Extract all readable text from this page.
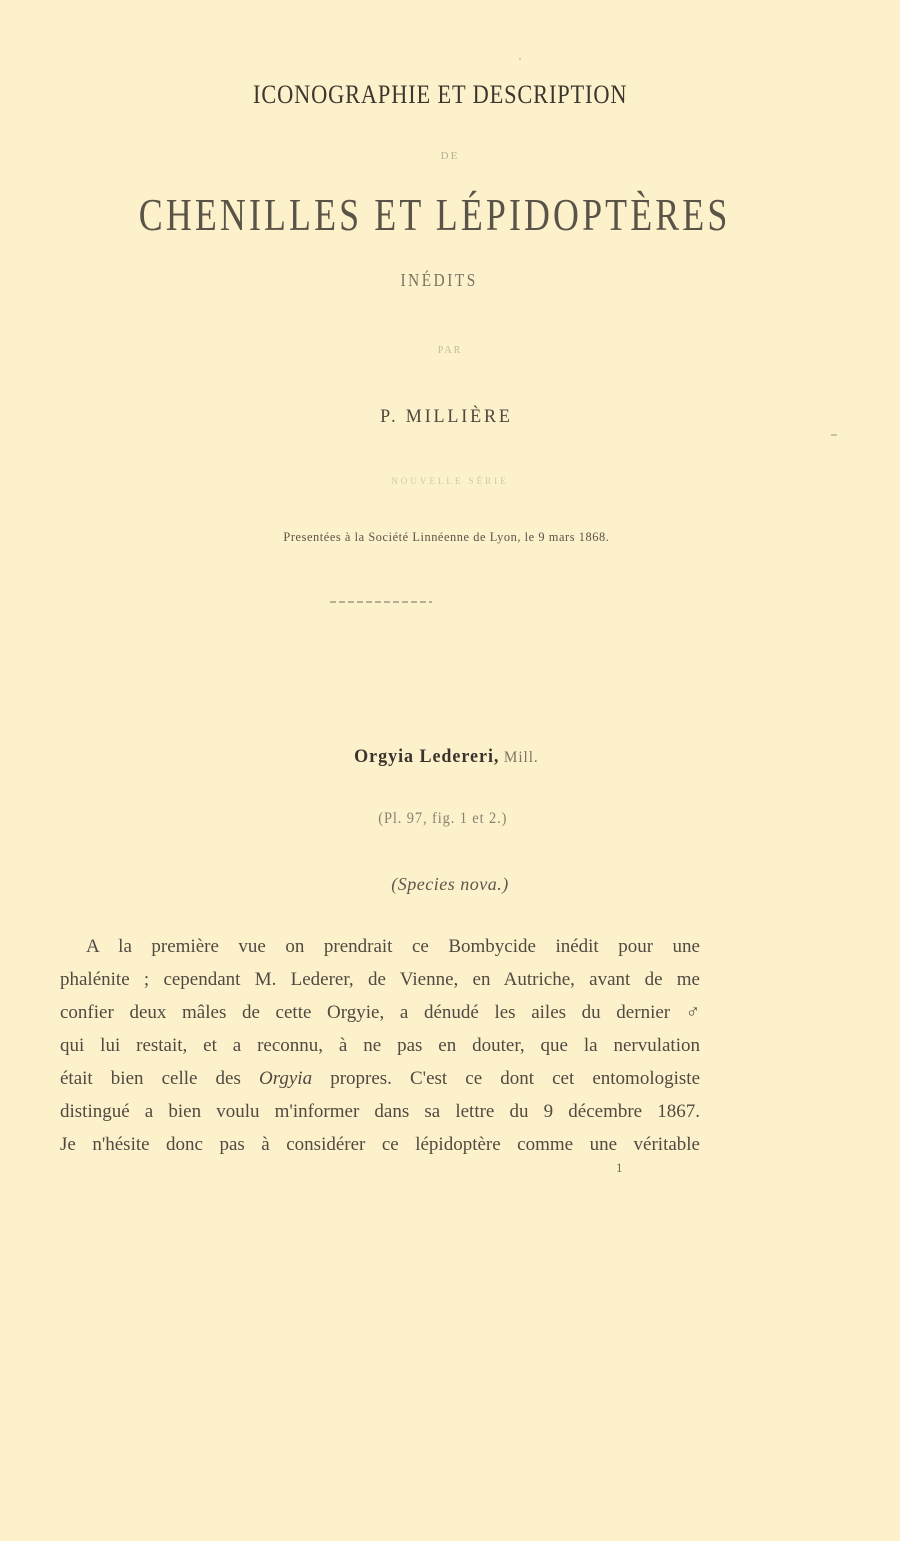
ICONOGRAPHIE ET DESCRIPTION
DE
CHENILLES ET LÉPIDOPTÈRES
INÉDITS
PAR
P. MILLIÈRE
NOUVELLE SÉRIE
Presentées à la Société Linnéenne de Lyon, le 9 mars 1868.
Orgyia Ledereri, Mill.
(Pl. 97, fig. 1 et 2.)
(Species nova.)
A la première vue on prendrait ce Bombycide inédit pour une
phalénite ; cependant M. Lederer, de Vienne, en Autriche, avant de me
confier deux mâles de cette Orgyie, a dénudé les ailes du dernier ♂
qui lui restait, et a reconnu, à ne pas en douter, que la nervulation
était bien celle des Orgyia propres. C'est ce dont cet entomologiste
distingué a bien voulu m'informer dans sa lettre du 9 décembre 1867.
Je n'hésite donc pas à considérer ce lépidoptère comme une véritable
1
